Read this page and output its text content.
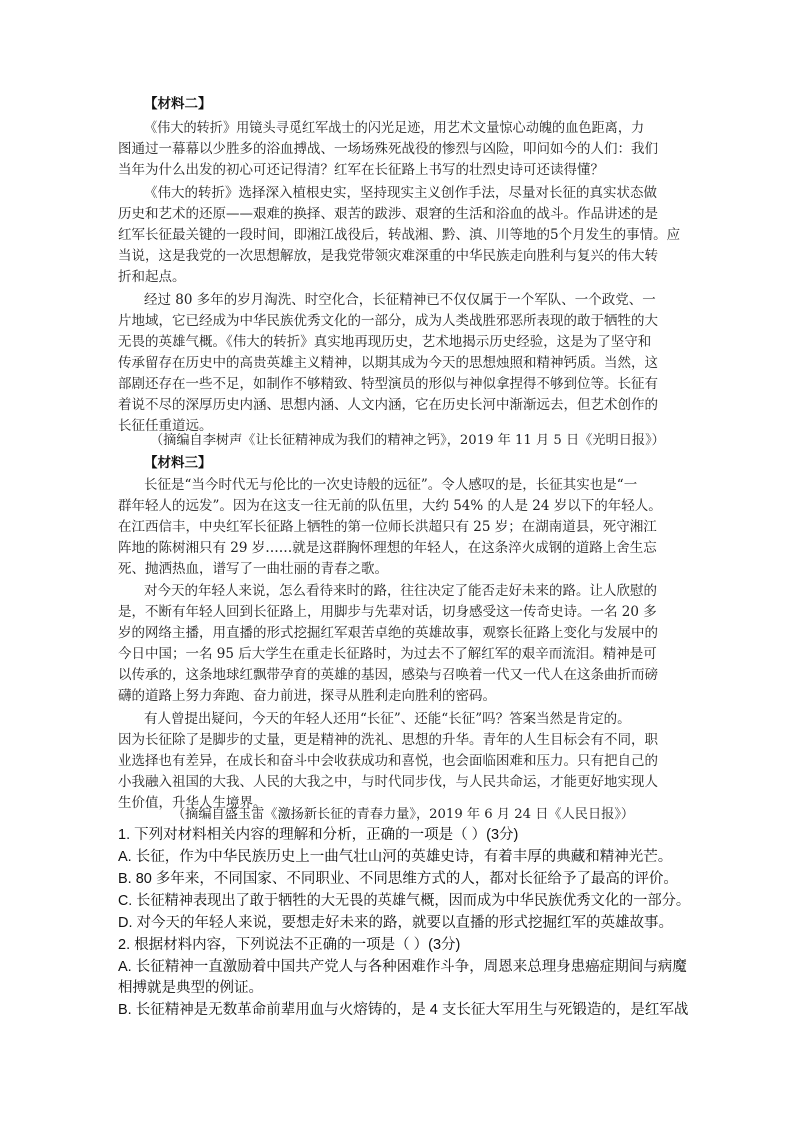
【材料二】
《伟大的转折》用镜头寻觅红军战士的闪光足迹，用艺术文量惊心动魄的血色距离，力
图通过一幕幕以少胜多的浴血搏战、一场场殊死战役的惨烈与凶险，叩问如今的人们：我们
当年为什么出发的初心可还记得清？红军在长征路上书写的壮烈史诗可还读得懂？
《伟大的转折》选择深入植根史实，坚持现实主义创作手法，尽量对长征的真实状态做
历史和艺术的还原——艰难的换择、艰苦的跋涉、艰窘的生活和浴血的战斗。作品讲述的是
红军长征最关键的一段时间，即湘江战役后，转战湘、黔、滇、川等地的5个月发生的事情。应
当说，这是我党的一次思想解放，是我党带领灾难深重的中华民族走向胜利与复兴的伟大转
折和起点。
经过 80 多年的岁月淘洗、时空化合，长征精神已不仅仅属于一个军队、一个政党、一
片地域，它已经成为中华民族优秀文化的一部分，成为人类战胜邪恶所表现的敢于牺牲的大
无畏的英雄气概。《伟大的转折》真实地再现历史，艺术地揭示历史经验，这是为了坚守和
传承留存在历史中的高贵英雄主义精神，以期其成为今天的思想烛照和精神钙质。当然，这
部剧还存在一些不足，如制作不够精致、特型演员的形似与神似拿捏得不够到位等。长征有
着说不尽的深厚历史内涵、思想内涵、人文内涵，它在历史长河中渐渐远去，但艺术创作的
长征任重道远。
（摘编自李树声《让长征精神成为我们的精神之钙》，2019 年 11 月 5 日《光明日报》）
【材料三】
长征是“当今时代无与伦比的一次史诗般的远征”。令人感叹的是，长征其实也是“一
群年轻人的远发”。因为在这支一往无前的队伍里，大约 54% 的人是 24 岁以下的年轻人。
在江西信丰，中央红军长征路上牺牲的第一位师长洪超只有 25 岁；在湖南道县，死守湘江
阵地的陈树湘只有 29 岁……就是这群胸怀理想的年轻人，在这条淬火成钢的道路上舍生忘
死、抛洒热血，谱写了一曲壮丽的青春之歌。
对今天的年轻人来说，怎么看待来时的路，往往决定了能否走好未来的路。让人欣慰的
是，不断有年轻人回到长征路上，用脚步与先辈对话，切身感受这一传奇史诗。一名 20 多
岁的网络主播，用直播的形式挖掘红军艰苦卓绝的英雄故事，观察长征路上变化与发展中的
今日中国；一名 95 后大学生在重走长征路时，为过去不了解红军的艰辛而流泪。精神是可
以传承的，这条地球红飘带孕育的英雄的基因，感染与召唤着一代又一代人在这条曲折而磅
礴的道路上努力奔跑、奋力前进，探寻从胜利走向胜利的密码。
有人曾提出疑问，今天的年轻人还用“长征”、还能“长征”吗？答案当然是肯定的。
因为长征除了是脚步的丈量，更是精神的洗礼、思想的升华。青年的人生目标会有不同，职
业选择也有差异，在成长和奋斗中会收获成功和喜悦，也会面临困难和压力。只有把自己的
小我融入祖国的大我、人民的大我之中，与时代同步伐，与人民共命运，才能更好地实现人
生价值，升华人生境界。
（摘编自盛玉雷《激扬新长征的青春力量》，2019 年 6 月 24 日《人民日报》）
1. 下列对材料相关内容的理解和分析，正确的一项是（ ）(3分)
A. 长征，作为中华民族历史上一曲气壮山河的英雄史诗，有着丰厚的典藏和精神光芒。
B. 80 多年来，不同国家、不同职业、不同思维方式的人，都对长征给予了最高的评价。
C. 长征精神表现出了敢于牺牲的大无畏的英雄气概，因而成为中华民族优秀文化的一部分。
D. 对今天的年轻人来说，要想走好未来的路，就要以直播的形式挖掘红军的英雄故事。
2. 根据材料内容，下列说法不正确的一项是（ ）(3分)
A. 长征精神一直激励着中国共产党人与各种困难作斗争，周恩来总理身患癌症期间与病魔
相搏就是典型的例证。
B. 长征精神是无数革命前辈用血与火熔铸的，是 4 支长征大军用生与死锻造的，是红军战
